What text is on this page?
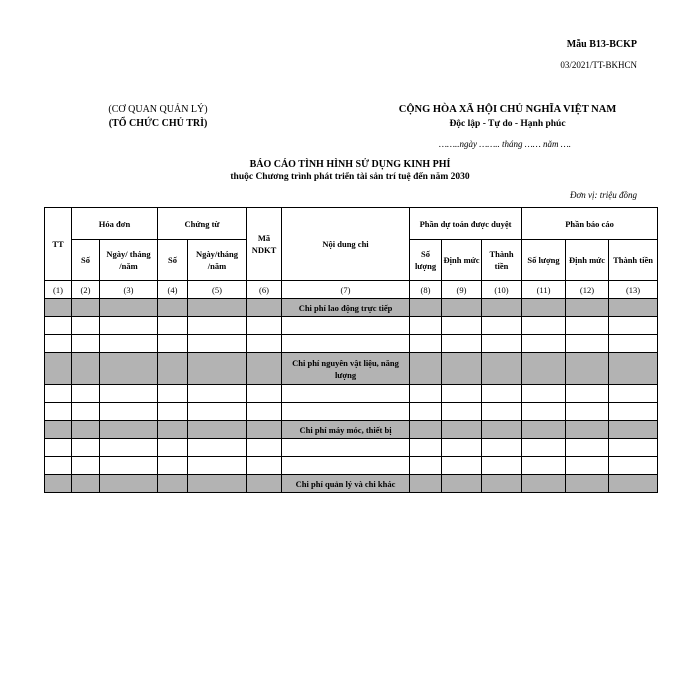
Mẫu B13-BCKP
03/2021/TT-BKHCN
(CƠ QUAN QUẢN LÝ)
(TỔ CHỨC CHỦ TRÌ)
CỘNG HÒA XÃ HỘI CHỦ NGHĨA VIỆT NAM
Độc lập - Tự do - Hạnh phúc
……..ngày …….. tháng …… năm ….
BÁO CÁO TÌNH HÌNH SỬ DỤNG KINH PHÍ
thuộc Chương trình phát triển tài sản trí tuệ đến năm 2030
Đơn vị: triệu đồng
TT	Hóa đơn		Chứng từ		Mã NDKT	Nội dung chi	Phần dự toán được duyệt			Phần báo cáo		
	Số	Ngày/ tháng /năm	Số	Ngày/tháng /năm			Số lượng	Định mức	Thành tiền	Số lượng	Định mức	Thành tiền
(1)	(2)	(3)	(4)	(5)	(6)	(7)	(8)	(9)	(10)	(11)	(12)	(13)
						Chi phí lao động trực tiếp						

						Chi phí nguyên vật liệu, năng lượng						

						Chi phí máy móc, thiết bị						

						Chi phí quản lý và chi khác						
